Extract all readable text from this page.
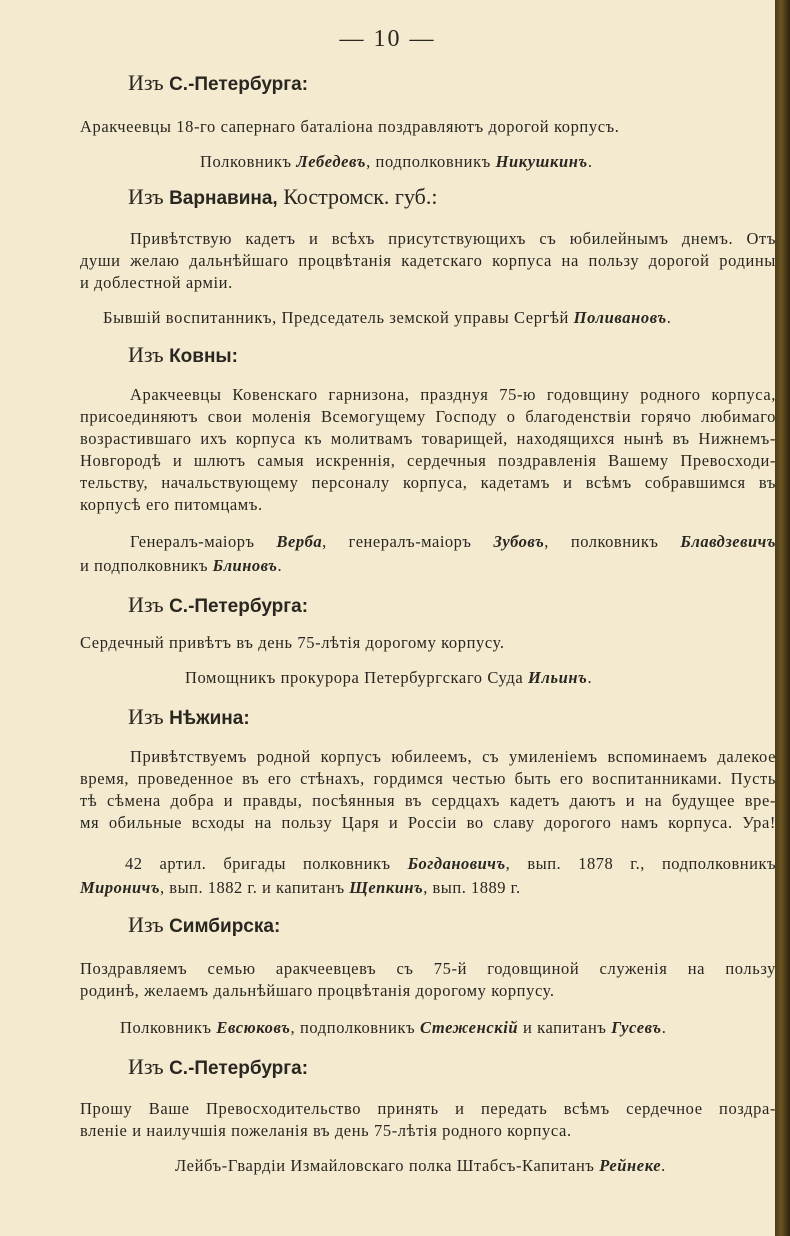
— 10 —
Изъ С.-Петербурга:
Аракчеевцы 18-го сапернаго баталіона поздравляютъ дорогой корпусъ.
Полковникъ Лебедевъ, подполковникъ Никушкинъ.
Изъ Варнавина, Костромск. губ.:
Привѣтствую кадетъ и всѣхъ присутствующихъ съ юбилейнымъ днемъ. Отъ
души желаю дальнѣйшаго процвѣтанія кадетскаго корпуса на пользу дорогой родины
и доблестной арміи.
Бывшій воспитанникъ, Председатель земской управы Сергѣй Поливановъ.
Изъ Ковны:
Аракчеевцы Ковенскаго гарнизона, празднуя 75-ю годовщину родного корпуса,
присоединяютъ свои моленія Всемогущему Господу о благоденствіи горячо любимаго
возрастившаго ихъ корпуса къ молитвамъ товарищей, находящихся нынѣ въ Нижнемъ-
Новгородѣ и шлютъ самыя искреннія, сердечныя поздравленія Вашему Превосходи-
тельству, начальствующему персоналу корпуса, кадетамъ и всѣмъ собравшимся въ
корпусѣ его питомцамъ.
Генералъ-маіоръ Верба, генералъ-маіоръ Зубовъ, полковникъ Блавдзевичъ
и подполковникъ Блиновъ.
Изъ С.-Петербурга:
Сердечный привѣтъ въ день 75-лѣтія дорогому корпусу.
Помощникъ прокурора Петербургскаго Суда Ильинъ.
Изъ Нѣжина:
Привѣтствуемъ родной корпусъ юбилеемъ, съ умиленіемъ вспоминаемъ далекое
время, проведенное въ его стѣнахъ, гордимся честью быть его воспитанниками. Пусть
тѣ сѣмена добра и правды, посѣянныя въ сердцахъ кадетъ даютъ и на будущее вре-
мя обильные всходы на пользу Царя и Россіи во славу дорогого намъ корпуса. Ура!
42 артил. бригады полковникъ Богдановичъ, вып. 1878 г., подполковникъ
Мироничъ, вып. 1882 г. и капитанъ Щепкинъ, вып. 1889 г.
Изъ Симбирска:
Поздравляемъ семью аракчеевцевъ съ 75-й годовщиной служенія на пользу
родинѣ, желаемъ дальнѣйшаго процвѣтанія дорогому корпусу.
Полковникъ Евсюковъ, подполковникъ Стеженскій и капитанъ Гусевъ.
Изъ С.-Петербурга:
Прошу Ваше Превосходительство принять и передать всѣмъ сердечное поздра-
вленіе и наилучшія пожеланія въ день 75-лѣтія родного корпуса.
Лейбъ-Гвардіи Измайловскаго полка Штабсъ-Капитанъ Рейнеке.
